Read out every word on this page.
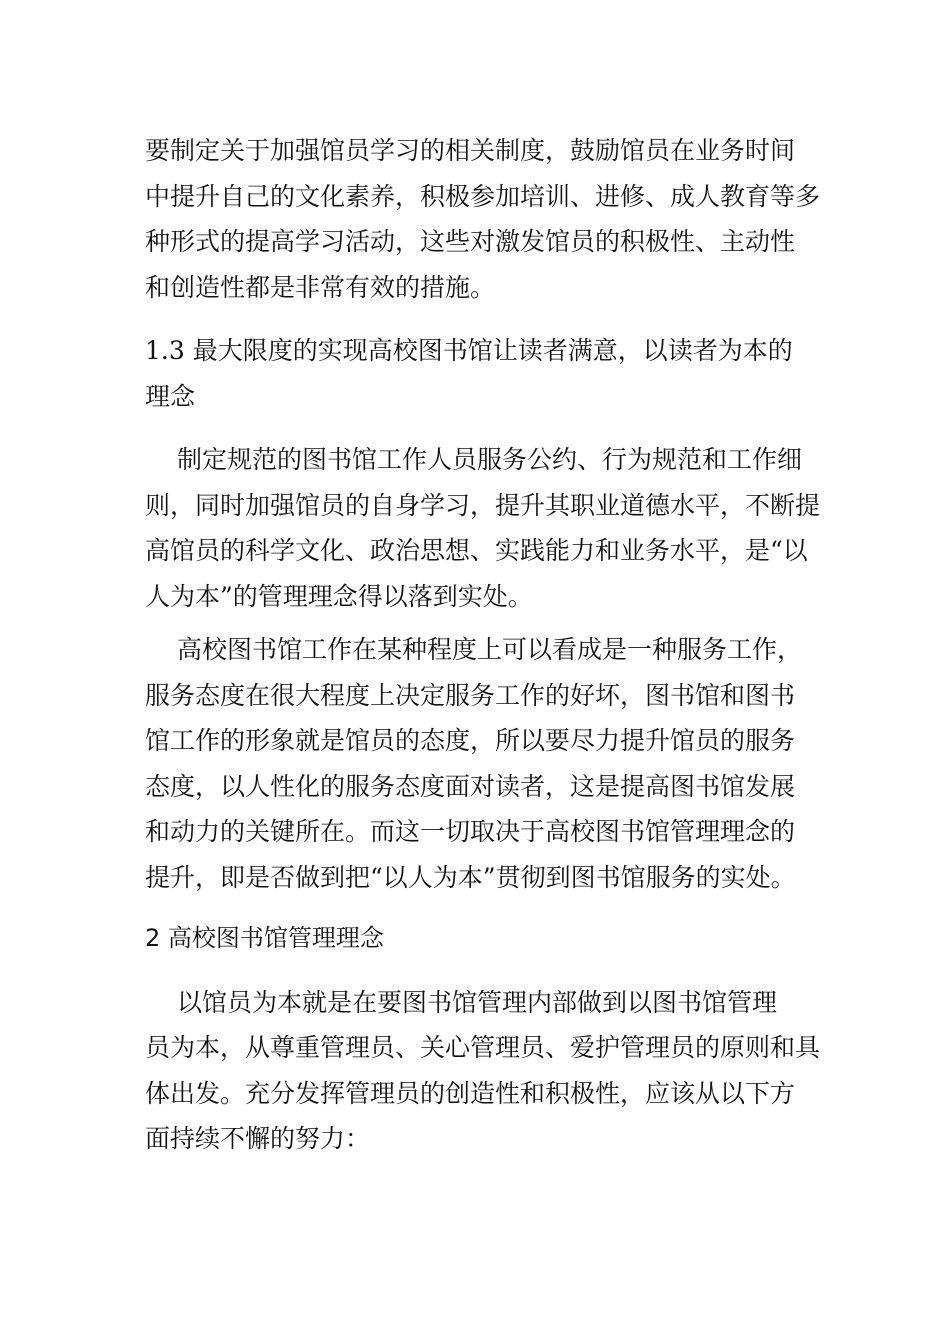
要制定关于加强馆员学习的相关制度，鼓励馆员在业务时间
中提升自己的文化素养，积极参加培训、进修、成人教育等多
种形式的提高学习活动，这些对激发馆员的积极性、主动性
和创造性都是非常有效的措施。
1.3 最大限度的实现高校图书馆让读者满意，以读者为本的
理念
制定规范的图书馆工作人员服务公约、行为规范和工作细
则，同时加强馆员的自身学习，提升其职业道德水平，不断提
高馆员的科学文化、政治思想、实践能力和业务水平，是“以
人为本”的管理理念得以落到实处。
高校图书馆工作在某种程度上可以看成是一种服务工作，
服务态度在很大程度上决定服务工作的好坏，图书馆和图书
馆工作的形象就是馆员的态度，所以要尽力提升馆员的服务
态度，以人性化的服务态度面对读者，这是提高图书馆发展
和动力的关键所在。而这一切取决于高校图书馆管理理念的
提升，即是否做到把“以人为本”贯彻到图书馆服务的实处。
2 高校图书馆管理理念
以馆员为本就是在要图书馆管理内部做到以图书馆管理
员为本，从尊重管理员、关心管理员、爱护管理员的原则和具
体出发。充分发挥管理员的创造性和积极性，应该从以下方
面持续不懈的努力：
